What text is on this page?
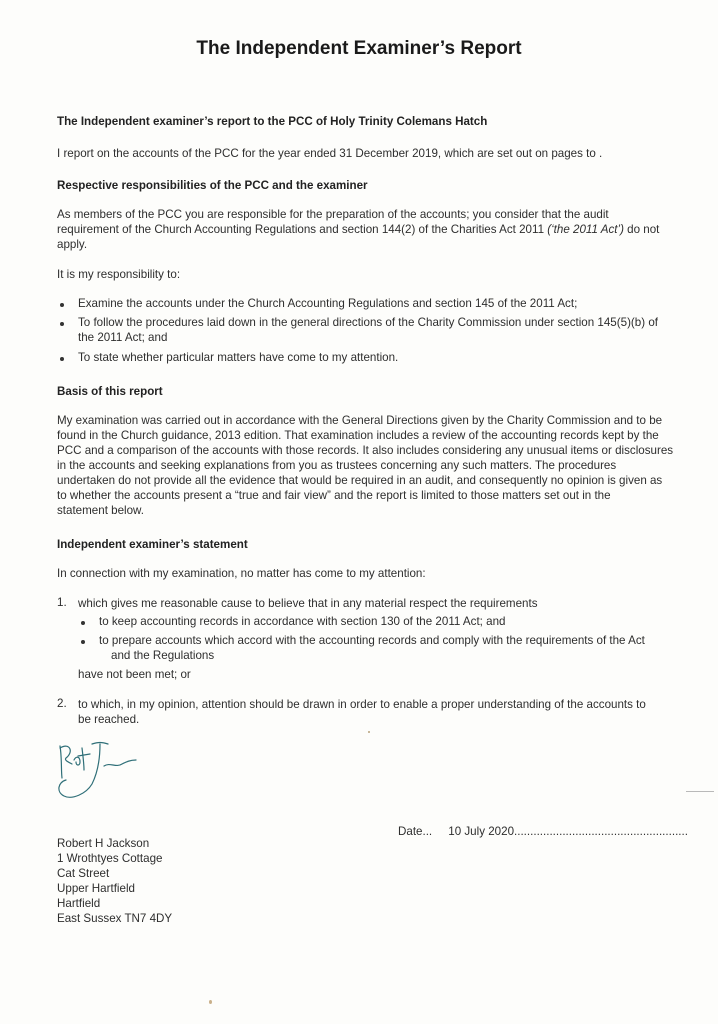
The Independent Examiner’s Report
The Independent examiner’s report to the PCC of Holy Trinity Colemans Hatch
I report on the accounts of the PCC for the year ended 31 December 2019, which are set out on pages to .
Respective responsibilities of the PCC and the examiner
As members of the PCC you are responsible for the preparation of the accounts; you consider that the audit
requirement of the Church Accounting Regulations and section 144(2) of the Charities Act 2011 (‘the 2011 Act’) do not
apply.
It is my responsibility to:
Examine the accounts under the Church Accounting Regulations and section 145 of the 2011 Act;
To follow the procedures laid down in the general directions of the Charity Commission under section 145(5)(b) of
the 2011 Act; and
To state whether particular matters have come to my attention.
Basis of this report
My examination was carried out in accordance with the General Directions given by the Charity Commission and to be
found in the Church guidance, 2013 edition. That examination includes a review of the accounting records kept by the
PCC and a comparison of the accounts with those records. It also includes considering any unusual items or disclosures
in the accounts and seeking explanations from you as trustees concerning any such matters. The procedures
undertaken do not provide all the evidence that would be required in an audit, and consequently no opinion is given as
to whether the accounts present a “true and fair view” and the report is limited to those matters set out in the
statement below.
Independent examiner’s statement
In connection with my examination, no matter has come to my attention:
1. which gives me reasonable cause to believe that in any material respect the requirements
to keep accounting records in accordance with section 130 of the 2011 Act; and
to prepare accounts which accord with the accounting records and comply with the requirements of the Act
and the Regulations
have not been met; or
2. to which, in my opinion, attention should be drawn in order to enable a proper understanding of the accounts to
be reached.
Date... 10 July 2020......................................................
Robert H Jackson
1 Wrothtyes Cottage
Cat Street
Upper Hartfield
Hartfield
East Sussex TN7 4DY
